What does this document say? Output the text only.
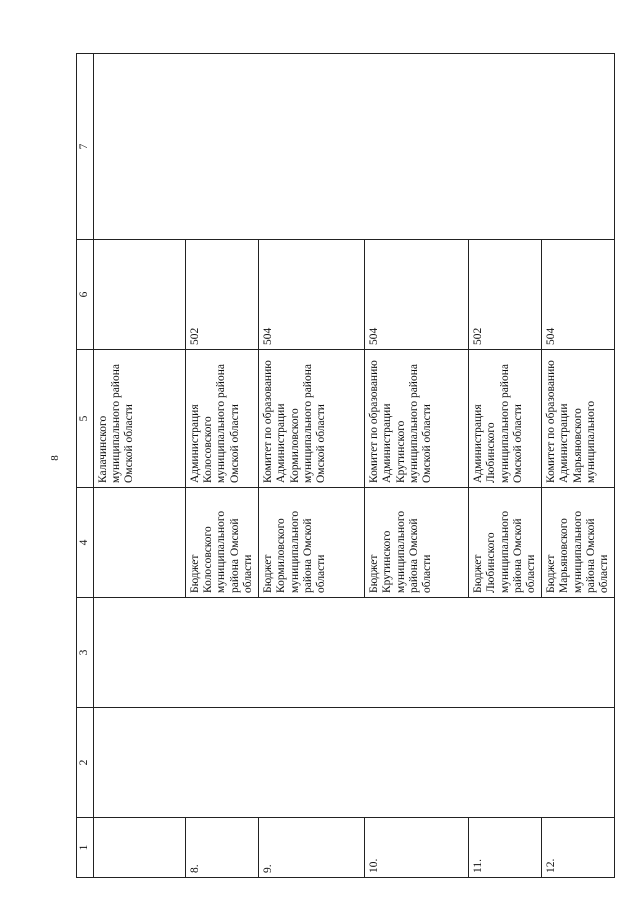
8
1	2	3	4	5	6	7
				Калачинского муниципального района Омской области		
8.			Бюджет Колосовского муниципального района Омской области	Администрация Колосовского муниципального района Омской области	502	
9.			Бюджет Кормиловского муниципального района Омской области	Комитет по образованию Администрации Кормиловского муниципального района Омской области	504	
10.			Бюджет Крутинского муниципального района Омской области	Комитет по образованию Администрации Крутинского муниципального района Омской области	504	
11.			Бюджет Любинского муниципального района Омской области	Администрация Любинского муниципального района Омской области	502	
12.			Бюджет Марьяновского муниципального района Омской области	Комитет по образованию Администрации Марьяновского муниципального	504	
